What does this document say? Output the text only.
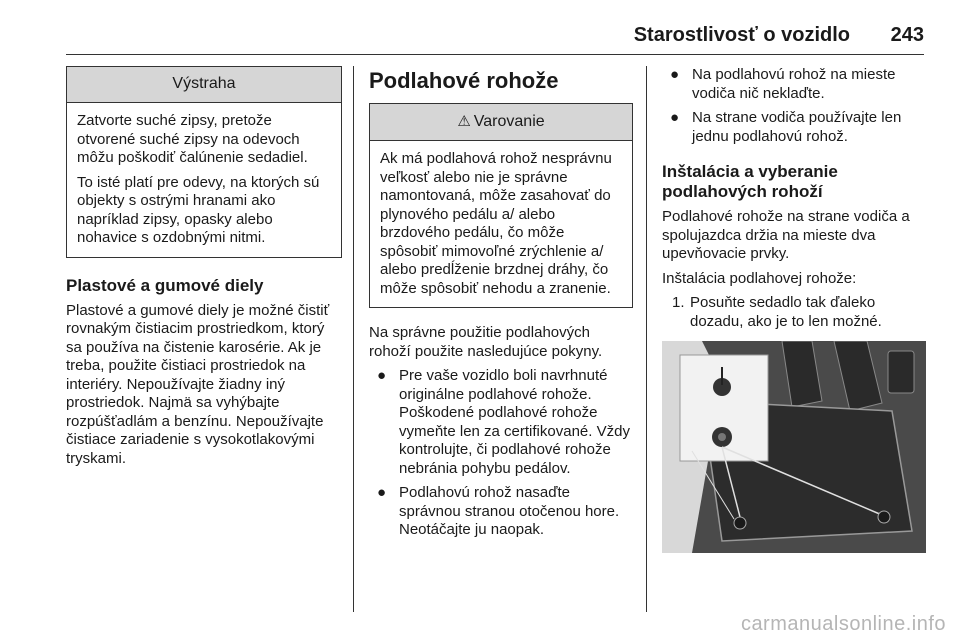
Starostlivosť o vozidlo 243
Výstraha

Zatvorte suché zipsy, pretože otvorené suché zipsy na odevoch môžu poškodiť čalúnenie sedadiel.

To isté platí pre odevy, na ktorých sú objekty s ostrými hranami ako napríklad zipsy, opasky alebo nohavice s ozdobnými nitmi.

Plastové a gumové diely

Plastové a gumové diely je možné čistiť rovnakým čistiacim prostriedkom, ktorý sa používa na čistenie karosérie. Ak je treba, použite čistiaci prostriedok na interiéry. Nepoužívajte žiadny iný prostriedok. Najmä sa vyhýbajte rozpúšťadlám a benzínu. Nepoužívajte čistiace zariadenie s vysokotlakovými tryskami.

Podlahové rohože
⚠ Varovanie

Ak má podlahová rohož nesprávnu veľkosť alebo nie je správne namontovaná, môže zasahovať do plynového pedálu a/ alebo brzdového pedálu, čo môže spôsobiť mimovoľné zrýchlenie a/ alebo predĺženie brzdnej dráhy, čo môže spôsobiť nehodu a zranenie.

Na správne použitie podlahových rohoží použite nasledujúce pokyny.

● Pre vaše vozidlo boli navrhnuté originálne podlahové rohože. Poškodené podlahové rohože vymeňte len za certifikované. Vždy kontrolujte, či podlahové rohože nebránia pohybu pedálov.
● Podlahovú rohož nasaďte správnou stranou otočenou hore. Neotáčajte ju naopak.
● Na podlahovú rohož na mieste vodiča nič neklaďte.
● Na strane vodiča používajte len jednu podlahovú rohož.
Inštalácia a vyberanie podlahových rohoží

Podlahové rohože na strane vodiča a spolujazdca držia na mieste dva upevňovacie prvky.

Inštalácia podlahovej rohože:

1. Posuňte sedadlo tak ďaleko dozadu, ako je to len možné.
carmanualsonline.info
